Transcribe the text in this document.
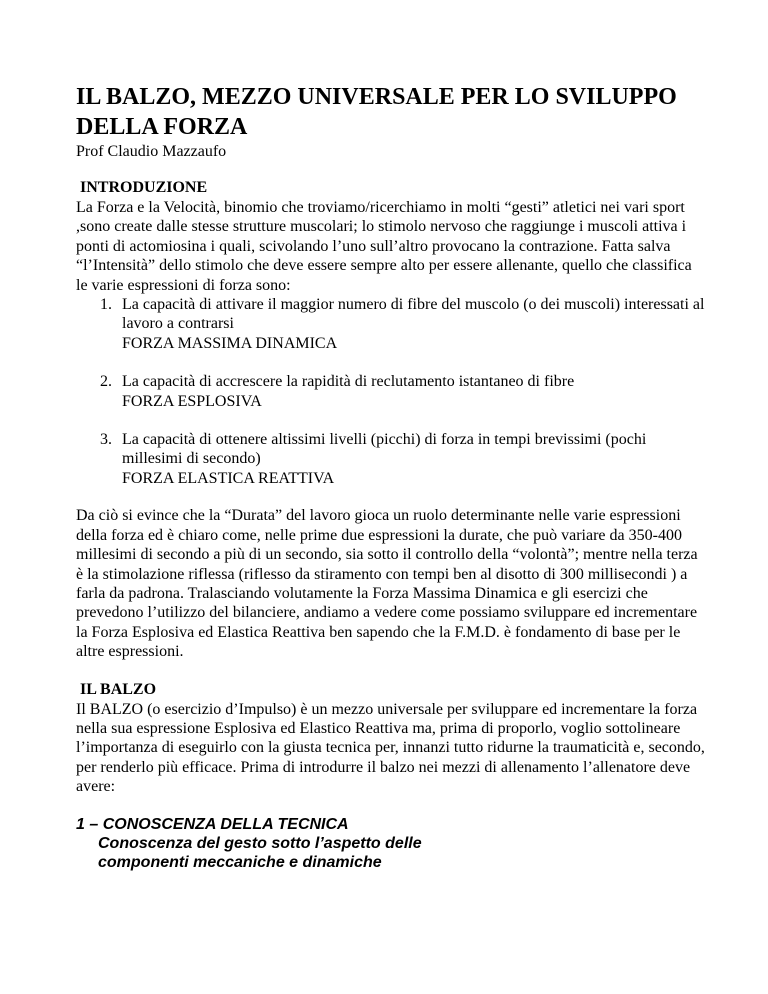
IL BALZO, MEZZO UNIVERSALE PER LO SVILUPPO DELLA FORZA

Prof Claudio Mazzaufo

INTRODUZIONE

La Forza e la Velocità, binomio che troviamo/ricerchiamo in molti “gesti” atletici nei vari sport ,sono create dalle stesse strutture muscolari; lo stimolo nervoso che raggiunge i muscoli attiva i ponti di actomiosina i quali, scivolando l’uno sull’altro provocano la contrazione. Fatta salva “l’Intensità” dello stimolo che deve essere sempre alto per essere allenante, quello che classifica le varie espressioni di forza sono:

1. La capacità di attivare il maggior numero di fibre del muscolo (o dei muscoli) interessati al lavoro a contrarsi
FORZA MASSIMA DINAMICA
2. La capacità di accrescere la rapidità di reclutamento istantaneo di fibre
FORZA ESPLOSIVA
3. La capacità di ottenere altissimi livelli (picchi) di forza in tempi brevissimi (pochi millesimi di secondo)
FORZA ELASTICA REATTIVA

Da ciò si evince che la “Durata” del lavoro gioca un ruolo determinante nelle varie espressioni della forza ed è chiaro come, nelle prime due espressioni la durate, che può variare da 350-400 millesimi di secondo a più di un secondo, sia sotto il controllo della “volontà”; mentre nella terza è la stimolazione riflessa (riflesso da stiramento con tempi ben al disotto di 300 millisecondi ) a farla da padrona. Tralasciando volutamente la Forza Massima Dinamica e gli esercizi che prevedono l’utilizzo del bilanciere, andiamo a vedere come possiamo sviluppare ed incrementare la Forza Esplosiva ed Elastica Reattiva ben sapendo che la F.M.D. è fondamento di base per le altre espressioni.

IL BALZO

Il BALZO (o esercizio d’Impulso) è un mezzo universale per sviluppare ed incrementare la forza nella sua espressione Esplosiva ed Elastico Reattiva ma, prima di proporlo, voglio sottolineare l’importanza di eseguirlo con la giusta tecnica per, innanzi tutto ridurne la traumaticità e, secondo, per renderlo più efficace. Prima di introdurre il balzo nei mezzi di allenamento l’allenatore deve avere:

1 – CONOSCENZA DELLA TECNICA

Conoscenza del gesto sotto l’aspetto delle componenti meccaniche e dinamiche
